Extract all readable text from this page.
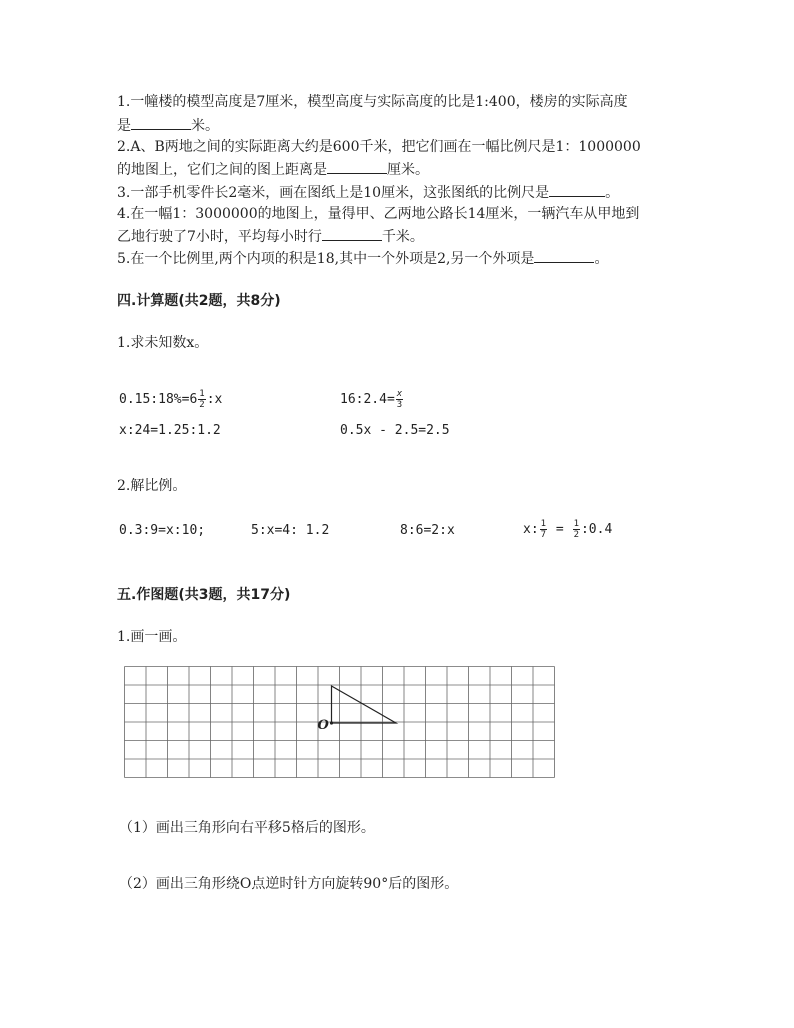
1.一幢楼的模型高度是7厘米，模型高度与实际高度的比是1:400，楼房的实际高度
是	米。
2.A、B两地之间的实际距离大约是600千米，把它们画在一幅比例尺是1：1000000
的地图上，它们之间的图上距离是	厘米。
3.一部手机零件长2毫米，画在图纸上是10厘米，这张图纸的比例尺是	。
4.在一幅1：3000000的地图上，量得甲、乙两地公路长14厘米，一辆汽车从甲地到
乙地行驶了7小时，平均每小时行	千米。
5.在一个比例里,两个内项的积是18,其中一个外项是2,另一个外项是	。
四.计算题(共2题，共8分)
1.求未知数x。
0.15:18%=6 $\frac{1}{2}$ :x	16:2.4= $\frac{x}{3}$
x:24=1.25:1.2	0.5x - 2.5=2.5
2.解比例。
0.3:9=x:10;	5:x=4: 1.2	8:6=2:x	x: $\frac{1}{7} = \frac{1}{2}$ :0.4
五.作图题(共3题，共17分)
1.画一画。
O
（1）画出三角形向右平移5格后的图形。
（2）画出三角形绕O点逆时针方向旋转90°后的图形。
